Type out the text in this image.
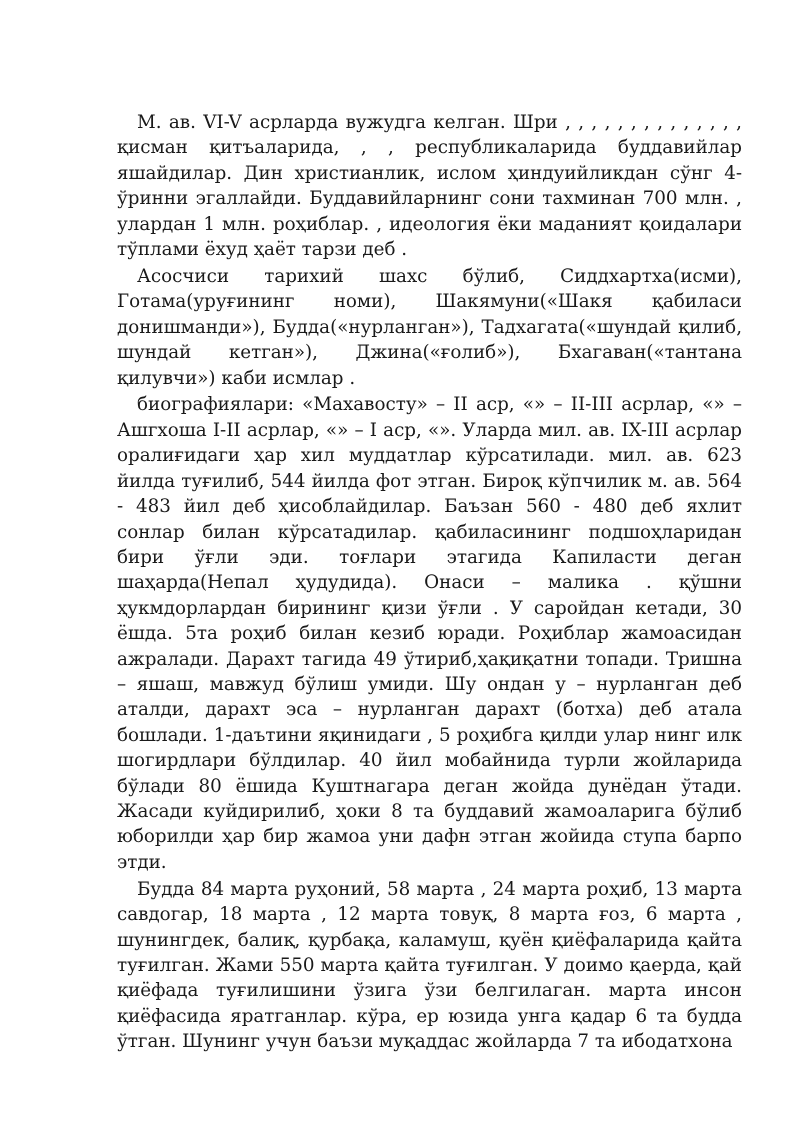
М. ав. VI-V асрларда вужудга келган. Шри , , , , , , , , , , , , , , қисман қитъаларида, , , республикаларида буддавийлар яшайдилар. Дин христианлик, ислом ҳиндуийликдан сўнг 4-ўринни эгаллайди. Буддавийларнинг сони тахминан 700 млн. , улардан 1 млн. роҳиблар. , идеология ёки маданият қоидалари тўплами ёхуд ҳаёт тарзи деб .

Асосчиси тарихий шахс бўлиб, Сиддхартха(исми), Готама(уруғининг номи), Шакямуни(«Шакя қабиласи донишманди»), Будда(«нурланган»), Тадхагата(«шундай қилиб, шундай кетган»), Джина(«ғолиб»), Бхагаван(«тантана қилувчи») каби исмлар .

биографиялари: «Махавосту» – II аср, «» – II-III асрлар, «» – Ашгхоша I-II асрлар, «» – I аср, «». Уларда мил. ав. IX-III асрлар оралиғидаги ҳар хил муддатлар кўрсатилади. мил. ав. 623 йилда туғилиб, 544 йилда фот этган. Бироқ кўпчилик м. ав. 564 - 483 йил деб ҳисоблайдилар. Баъзан 560 - 480 деб яхлит сонлар билан кўрсатадилар. қабиласининг подшоҳларидан бири ўғли эди. тоғлари этагида Капиласти деган шаҳарда(Непал ҳудудида). Онаси – малика . қўшни ҳукмдорлардан бирининг қизи ўғли . У саройдан кетади, 30 ёшда. 5та роҳиб билан кезиб юради. Роҳиблар жамоасидан ажралади. Дарахт тагида 49 ўтириб,ҳақиқатни топади. Тришна – яшаш, мавжуд бўлиш умиди. Шу ондан у – нурланган деб аталди, дарахт эса – нурланган дарахт (ботха) деб атала бошлади. 1-даътини яқинидаги , 5 роҳибга қилди улар нинг илк шогирдлари бўлдилар. 40 йил мобайнида турли жойларида бўлади 80 ёшида Куштнагара деган жойда дунёдан ўтади. Жасади куйдирилиб, ҳоки 8 та буддавий жамоаларига бўлиб юборилди ҳар бир жамоа уни дафн этган жойида ступа барпо этди.

Будда 84 марта руҳоний, 58 марта , 24 марта роҳиб, 13 марта савдогар, 18 марта , 12 марта товуқ, 8 марта ғоз, 6 марта , шунингдек, балиқ, қурбақа, каламуш, қуён қиёфаларида қайта туғилган. Жами 550 марта қайта туғилган. У доимо қаерда, қай қиёфада туғилишини ўзига ўзи белгилаган. марта инсон қиёфасида яратганлар. кўра, ер юзида унга қадар 6 та будда ўтган. Шунинг учун баъзи муқаддас жойларда 7 та ибодатхона
